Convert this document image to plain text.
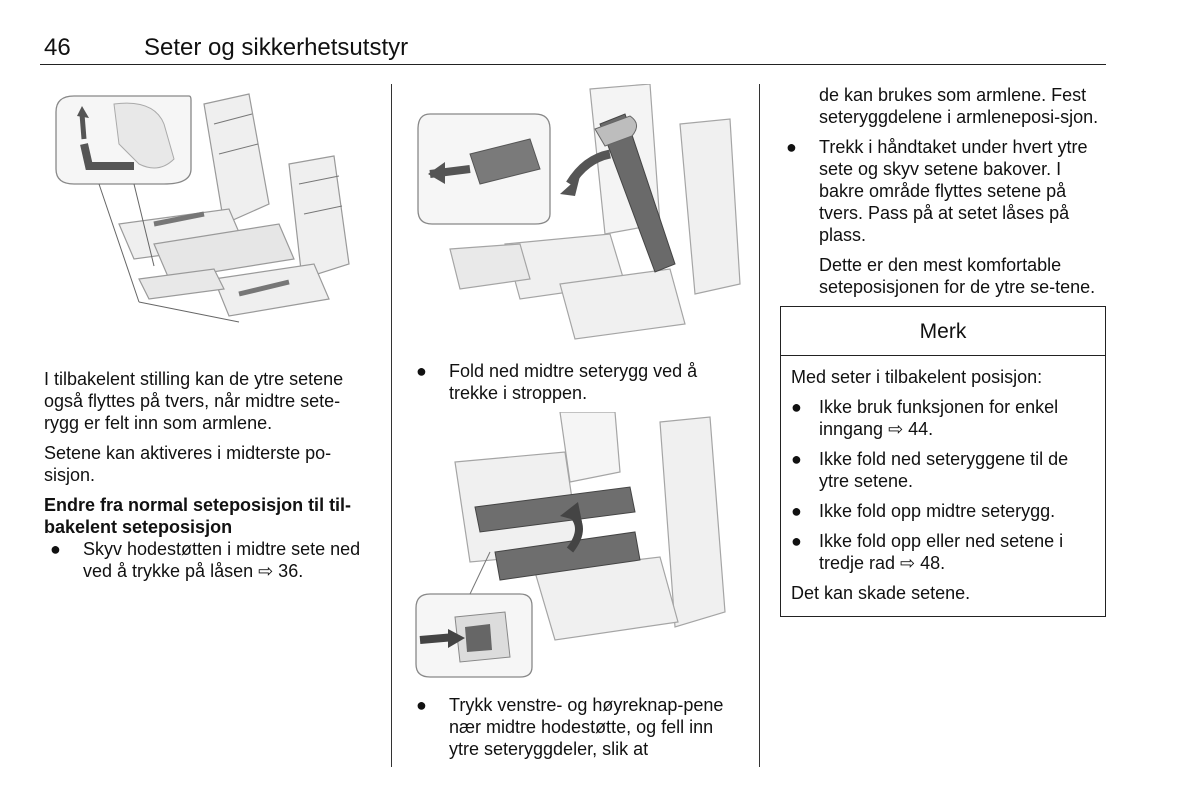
46	Seter og sikkerhetsutstyr

I tilbakelent stilling kan de ytre setene også flyttes på tvers, når midtre sete-rygg er felt inn som armlene.

Setene kan aktiveres i midterste po-sisjon.

Endre fra normal seteposisjon til til-bakelent seteposisjon

● Skyv hodestøtten i midtre sete ned ved å trykke på låsen ⇨ 36.
● Fold ned midtre seterygg ved å trekke i stroppen.
● Trykk venstre- og høyreknap-pene nær midtre hodestøtte, og fell inn ytre seteryggdeler, slik at

de kan brukes som armlene. Fest seteryggdelene i armleneposi-sjon.

● Trekk i håndtaket under hvert ytre sete og skyv setene bakover. I bakre område flyttes setene på tvers. Pass på at setet låses på plass.

Dette er den mest komfortable seteposisjonen for de ytre se-tene.

Merk

Med seter i tilbakelent posisjon:

● Ikke bruk funksjonen for enkel inngang ⇨ 44.
● Ikke fold ned seteryggene til de ytre setene.
● Ikke fold opp midtre seterygg.
● Ikke fold opp eller ned setene i tredje rad ⇨ 48.

Det kan skade setene.
